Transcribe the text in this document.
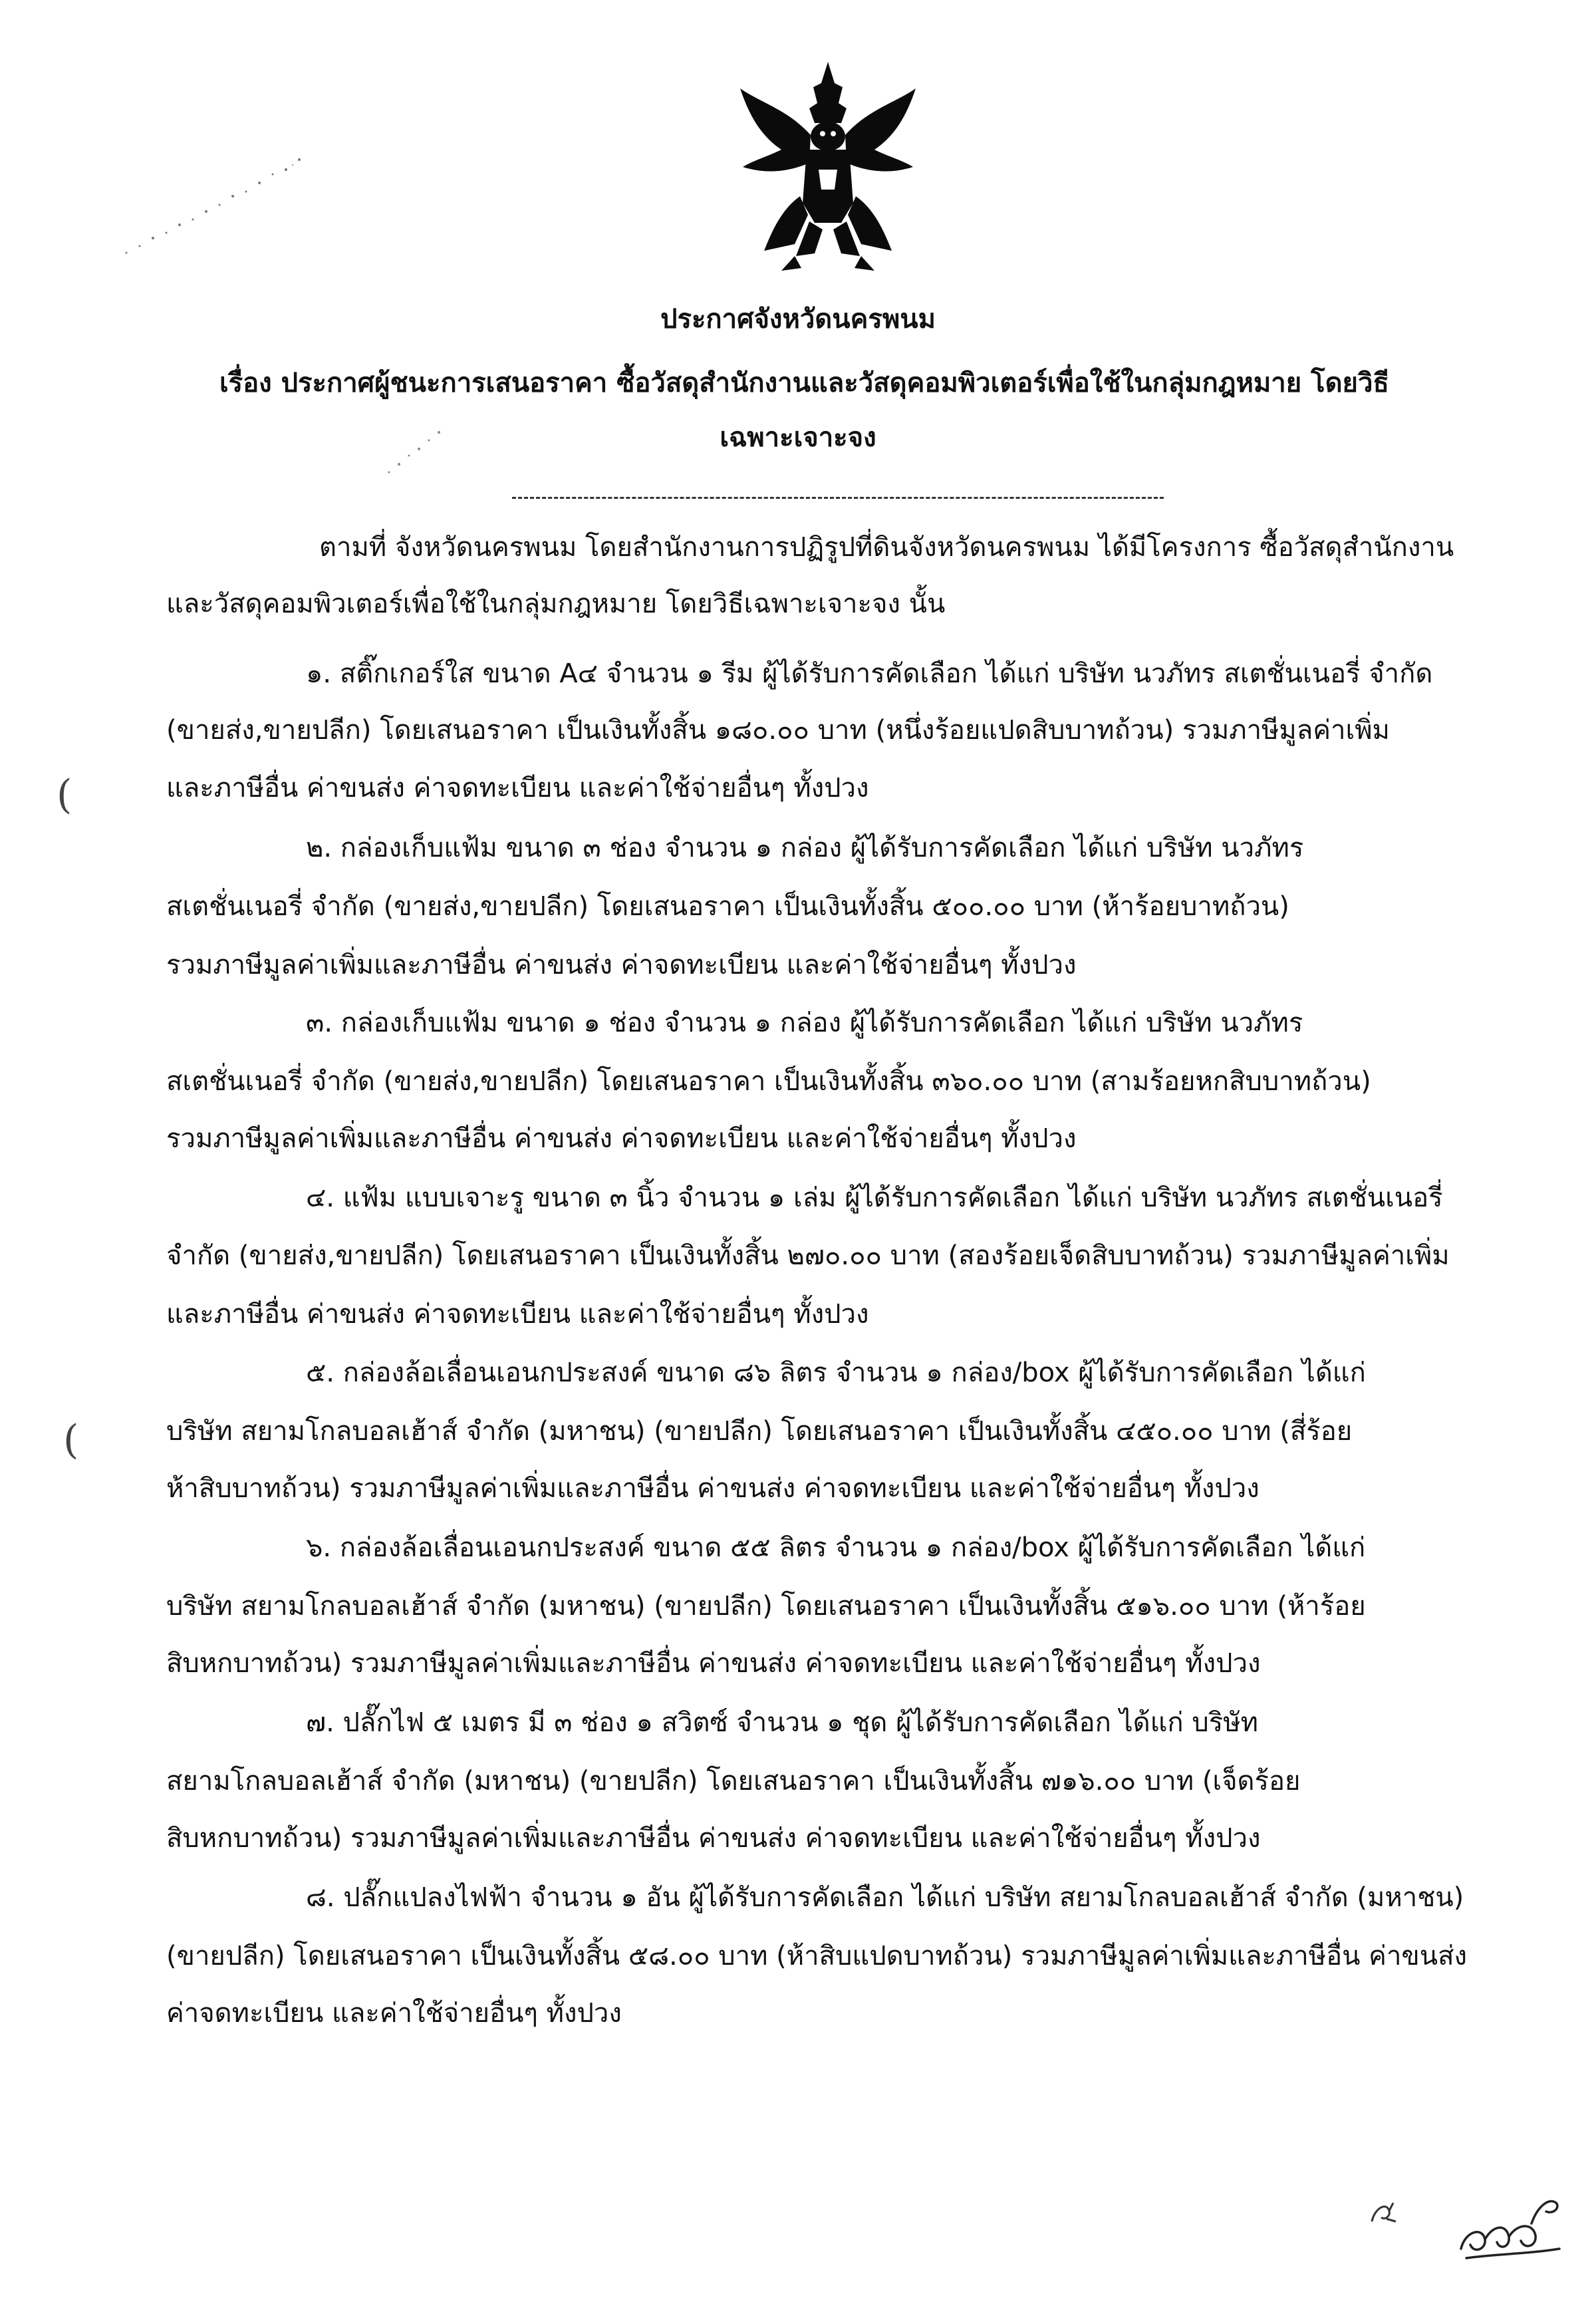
ประกาศจังหวัดนครพนม
เรื่อง ประกาศผู้ชนะการเสนอราคา ซื้อวัสดุสำนักงานและวัสดุคอมพิวเตอร์เพื่อใช้ในกลุ่มกฎหมาย โดยวิธี
เฉพาะเจาะจง
ตามที่ จังหวัดนครพนม โดยสำนักงานการปฏิรูปที่ดินจังหวัดนครพนม ได้มีโครงการ ซื้อวัสดุสำนักงาน
และวัสดุคอมพิวเตอร์เพื่อใช้ในกลุ่มกฎหมาย โดยวิธีเฉพาะเจาะจง นั้น
๑. สติ๊กเกอร์ใส ขนาด A๔ จำนวน ๑ รีม ผู้ได้รับการคัดเลือก ได้แก่ บริษัท นวภัทร สเตชั่นเนอรี่ จำกัด
(ขายส่ง,ขายปลีก) โดยเสนอราคา เป็นเงินทั้งสิ้น ๑๘๐.๐๐ บาท (หนึ่งร้อยแปดสิบบาทถ้วน) รวมภาษีมูลค่าเพิ่ม
และภาษีอื่น ค่าขนส่ง ค่าจดทะเบียน และค่าใช้จ่ายอื่นๆ ทั้งปวง
๒. กล่องเก็บแฟ้ม ขนาด ๓ ช่อง จำนวน ๑ กล่อง ผู้ได้รับการคัดเลือก ได้แก่ บริษัท นวภัทร
สเตชั่นเนอรี่ จำกัด (ขายส่ง,ขายปลีก) โดยเสนอราคา เป็นเงินทั้งสิ้น ๕๐๐.๐๐ บาท (ห้าร้อยบาทถ้วน)
รวมภาษีมูลค่าเพิ่มและภาษีอื่น ค่าขนส่ง ค่าจดทะเบียน และค่าใช้จ่ายอื่นๆ ทั้งปวง
๓. กล่องเก็บแฟ้ม ขนาด ๑ ช่อง จำนวน ๑ กล่อง ผู้ได้รับการคัดเลือก ได้แก่ บริษัท นวภัทร
สเตชั่นเนอรี่ จำกัด (ขายส่ง,ขายปลีก) โดยเสนอราคา เป็นเงินทั้งสิ้น ๓๖๐.๐๐ บาท (สามร้อยหกสิบบาทถ้วน)
รวมภาษีมูลค่าเพิ่มและภาษีอื่น ค่าขนส่ง ค่าจดทะเบียน และค่าใช้จ่ายอื่นๆ ทั้งปวง
๔. แฟ้ม แบบเจาะรู ขนาด ๓ นิ้ว จำนวน ๑ เล่ม ผู้ได้รับการคัดเลือก ได้แก่ บริษัท นวภัทร สเตชั่นเนอรี่
จำกัด (ขายส่ง,ขายปลีก) โดยเสนอราคา เป็นเงินทั้งสิ้น ๒๗๐.๐๐ บาท (สองร้อยเจ็ดสิบบาทถ้วน) รวมภาษีมูลค่าเพิ่ม
และภาษีอื่น ค่าขนส่ง ค่าจดทะเบียน และค่าใช้จ่ายอื่นๆ ทั้งปวง
๕. กล่องล้อเลื่อนเอนกประสงค์ ขนาด ๘๖ ลิตร จำนวน ๑ กล่อง/box ผู้ได้รับการคัดเลือก ได้แก่
บริษัท สยามโกลบอลเฮ้าส์ จำกัด (มหาชน) (ขายปลีก) โดยเสนอราคา เป็นเงินทั้งสิ้น ๔๕๐.๐๐ บาท (สี่ร้อย
ห้าสิบบาทถ้วน) รวมภาษีมูลค่าเพิ่มและภาษีอื่น ค่าขนส่ง ค่าจดทะเบียน และค่าใช้จ่ายอื่นๆ ทั้งปวง
๖. กล่องล้อเลื่อนเอนกประสงค์ ขนาด ๕๕ ลิตร จำนวน ๑ กล่อง/box ผู้ได้รับการคัดเลือก ได้แก่
บริษัท สยามโกลบอลเฮ้าส์ จำกัด (มหาชน) (ขายปลีก) โดยเสนอราคา เป็นเงินทั้งสิ้น ๕๑๖.๐๐ บาท (ห้าร้อย
สิบหกบาทถ้วน) รวมภาษีมูลค่าเพิ่มและภาษีอื่น ค่าขนส่ง ค่าจดทะเบียน และค่าใช้จ่ายอื่นๆ ทั้งปวง
๗. ปลั๊กไฟ ๕ เมตร มี ๓ ช่อง ๑ สวิตซ์ จำนวน ๑ ชุด ผู้ได้รับการคัดเลือก ได้แก่ บริษัท
สยามโกลบอลเฮ้าส์ จำกัด (มหาชน) (ขายปลีก) โดยเสนอราคา เป็นเงินทั้งสิ้น ๗๑๖.๐๐ บาท (เจ็ดร้อย
สิบหกบาทถ้วน) รวมภาษีมูลค่าเพิ่มและภาษีอื่น ค่าขนส่ง ค่าจดทะเบียน และค่าใช้จ่ายอื่นๆ ทั้งปวง
๘. ปลั๊กแปลงไฟฟ้า จำนวน ๑ อัน ผู้ได้รับการคัดเลือก ได้แก่ บริษัท สยามโกลบอลเฮ้าส์ จำกัด (มหาชน)
(ขายปลีก) โดยเสนอราคา เป็นเงินทั้งสิ้น ๕๘.๐๐ บาท (ห้าสิบแปดบาทถ้วน) รวมภาษีมูลค่าเพิ่มและภาษีอื่น ค่าขนส่ง
ค่าจดทะเบียน และค่าใช้จ่ายอื่นๆ ทั้งปวง
(
(
